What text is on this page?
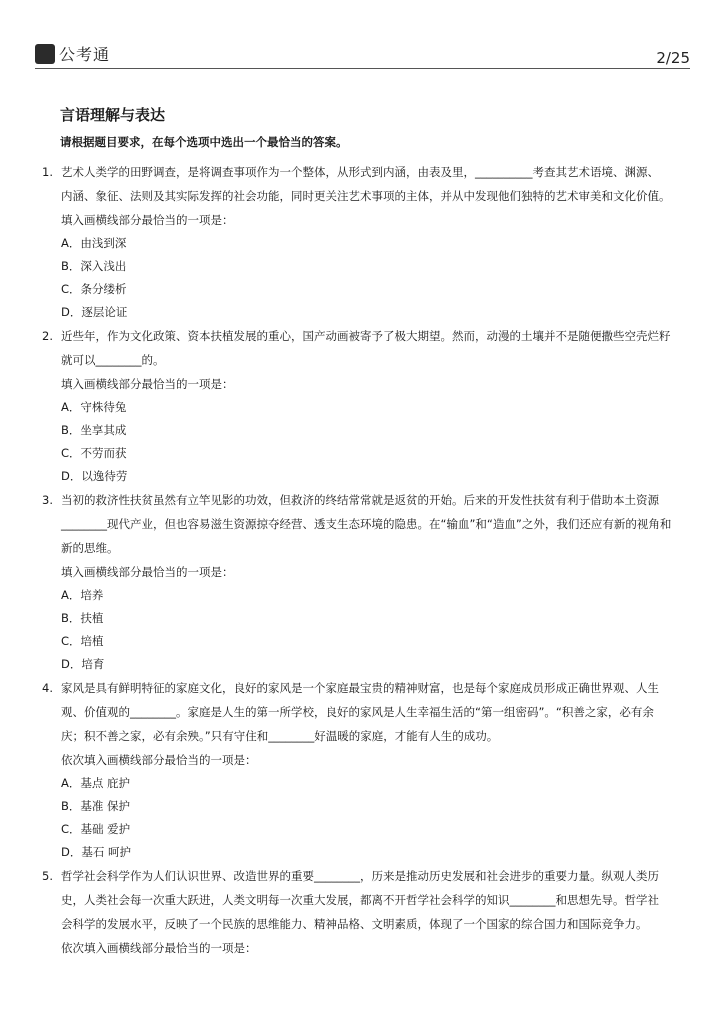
公考通	2/25
言语理解与表达
请根据题目要求，在每个选项中选出一个最恰当的答案。
1. 艺术人类学的田野调查，是将调查事项作为一个整体，从形式到内涵，由表及里，__________考查其艺术语境、渊源、
内涵、象征、法则及其实际发挥的社会功能，同时更关注艺术事项的主体，并从中发现他们独特的艺术审美和文化价值。
填入画横线部分最恰当的一项是：
A．由浅到深
B．深入浅出
C．条分缕析
D．逐层论证
2. 近些年，作为文化政策、资本扶植发展的重心，国产动画被寄予了极大期望。然而，动漫的土壤并不是随便撒些空壳烂籽
就可以________的。
填入画横线部分最恰当的一项是：
A．守株待兔
B．坐享其成
C．不劳而获
D．以逸待劳
3. 当初的救济性扶贫虽然有立竿见影的功效，但救济的终结常常就是返贫的开始。后来的开发性扶贫有利于借助本土资源
________现代产业，但也容易滋生资源掠夺经营、透支生态环境的隐患。在“输血”和“造血”之外，我们还应有新的视角和
新的思维。
填入画横线部分最恰当的一项是：
A．培养
B．扶植
C．培植
D．培育
4. 家风是具有鲜明特征的家庭文化，良好的家风是一个家庭最宝贵的精神财富，也是每个家庭成员形成正确世界观、人生
观、价值观的________。家庭是人生的第一所学校，良好的家风是人生幸福生活的“第一组密码”。“积善之家，必有余
庆；积不善之家，必有余殃。”只有守住和________好温暖的家庭，才能有人生的成功。
依次填入画横线部分最恰当的一项是：
A．基点 庇护
B．基准 保护
C．基础 爱护
D．基石 呵护
5. 哲学社会科学作为人们认识世界、改造世界的重要________，历来是推动历史发展和社会进步的重要力量。纵观人类历
史，人类社会每一次重大跃进，人类文明每一次重大发展，都离不开哲学社会科学的知识________和思想先导。哲学社
会科学的发展水平，反映了一个民族的思维能力、精神品格、文明素质，体现了一个国家的综合国力和国际竞争力。
依次填入画横线部分最恰当的一项是：
